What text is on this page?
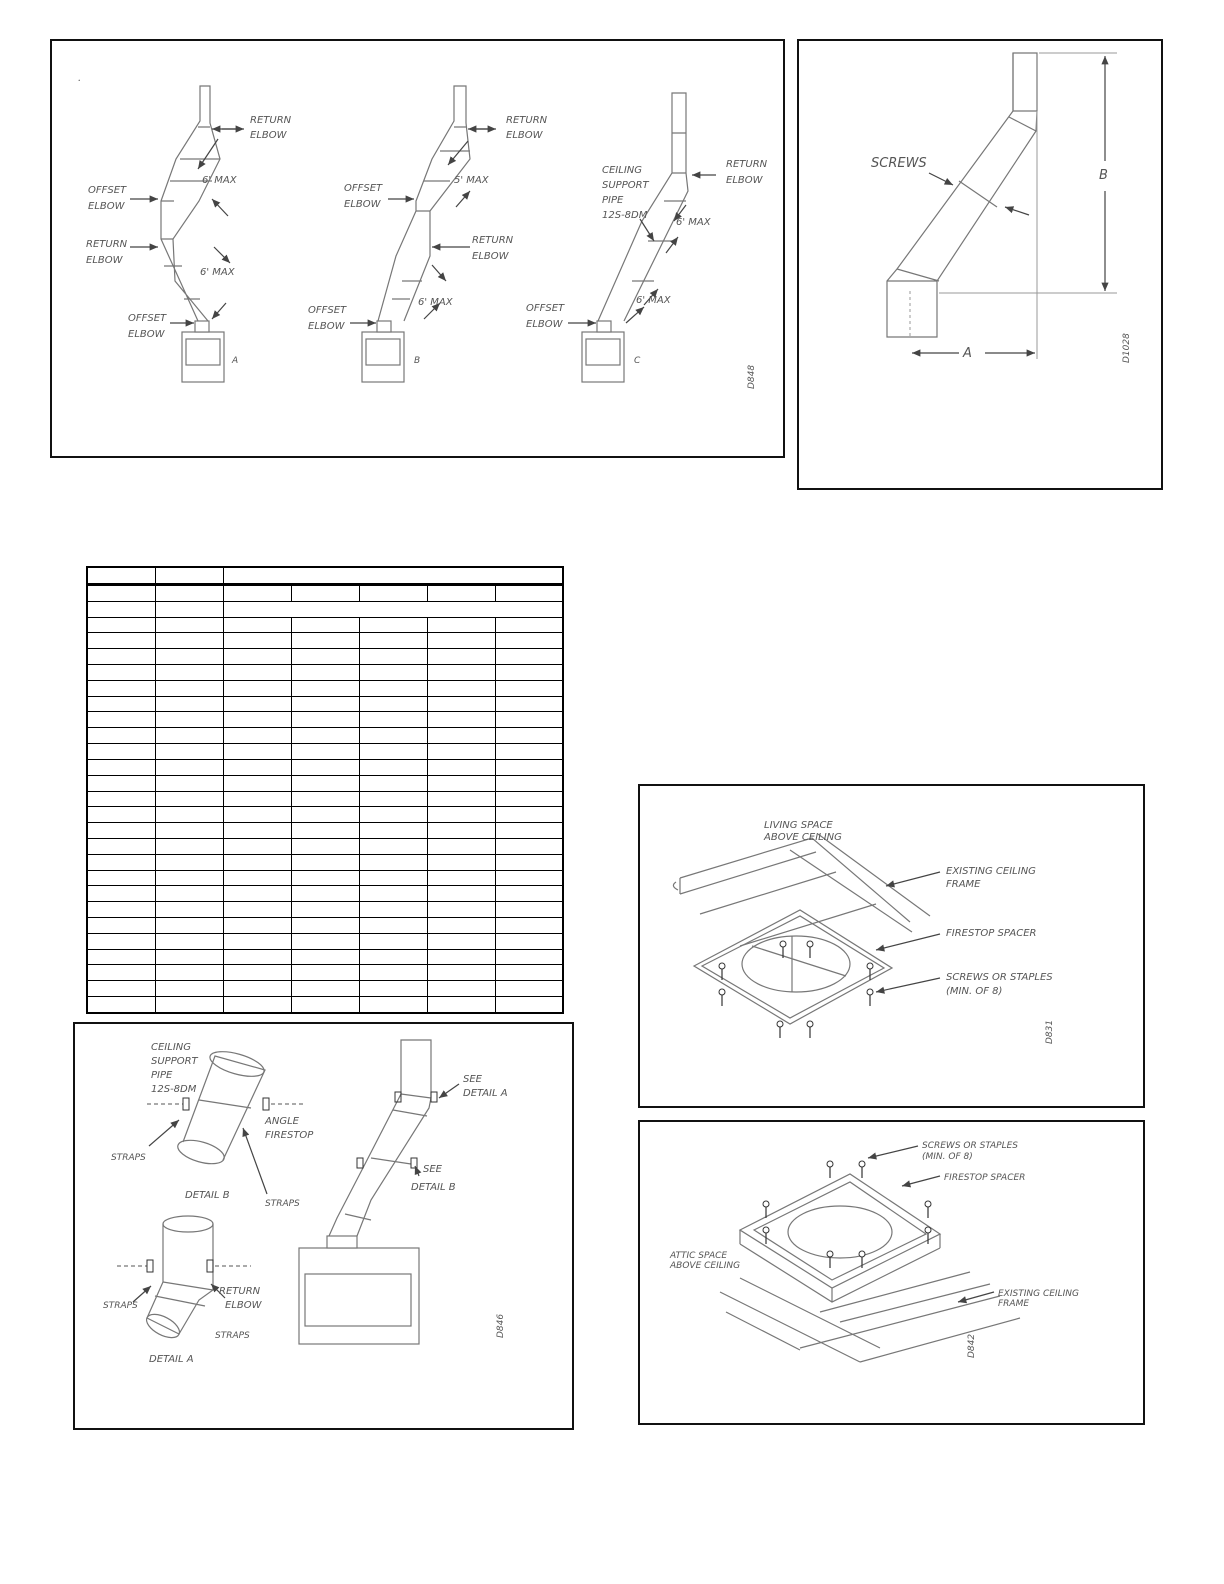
.
RETURN
ELBOW
6' MAX
OFFSET
ELBOW
RETURN
ELBOW
6' MAX
OFFSET
ELBOW
A
RETURN
ELBOW
5' MAX
OFFSET
ELBOW
RETURN
ELBOW
6' MAX
OFFSET
ELBOW
B
RETURN
ELBOW
CEILING
SUPPORT
PIPE
12S-8DM
6' MAX
6' MAX
OFFSET
ELBOW
C
D848
SCREWS
B
A	D1028

CEILING
SUPPORT
PIPE
12S-8DM
ANGLE
FIRESTOP
STRAPS
STRAPS
DETAIL B
RETURN
ELBOW
STRAPS
STRAPS
DETAIL A
SEE
DETAIL A
SEE
DETAIL B
D846
LIVING SPACE
ABOVE CEILING
EXISTING CEILING
FRAME
FIRESTOP SPACER
SCREWS OR STAPLES
(MIN. OF 8)
D831
SCREWS OR STAPLES
(MIN. OF 8)
FIRESTOP SPACER
ATTIC SPACE
ABOVE CEILING
EXISTING CEILING
FRAME
D842
